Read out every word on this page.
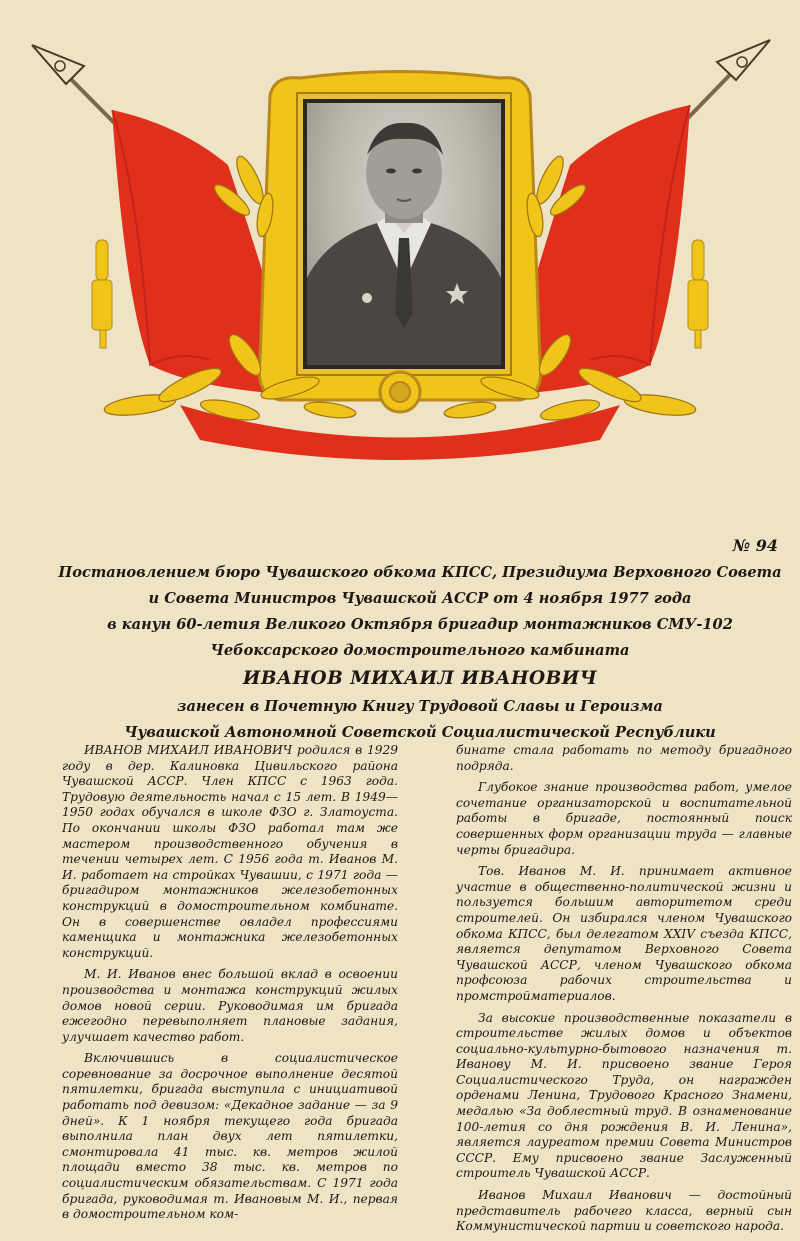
№ 94
Постановлением бюро Чувашского обкома КПСС, Президиума Верховного Совета
и Совета Министров Чувашской АССР от 4 ноября 1977 года
в канун 60-летия Великого Октября бригадир монтажников СМУ-102
Чебоксарского домостроительного камбината
ИВАНОВ МИХАИЛ ИВАНОВИЧ
занесен в Почетную Книгу Трудовой Славы и Героизма
Чувашской Автономной Советской Социалистической Республики

ИВАНОВ МИХАИЛ ИВАНОВИЧ родился в 1929 году в дер. Калиновка Цивильского района Чувашской АССР. Член КПСС с 1963 года. Трудовую деятельность начал с 15 лет. В 1949—1950 годах обучался в школе ФЗО г. Златоуста. По окончании школы ФЗО работал там же мастером производственного обучения в течении четырех лет. С 1956 года т. Иванов М. И. работает на стройках Чувашии, с 1971 года — бригадиром монтажников железобетонных конструкций в домостроительном комбинате. Он в совершенстве овладел профессиями каменщика и монтажника железобетонных конструкций.

М. И. Иванов внес большой вклад в освоении производства и монтажа конструкций жилых домов новой серии. Руководимая им бригада ежегодно перевыполняет плановые задания, улучшает качество работ.

Включившись в социалистическое соревнование за досрочное выполнение десятой пятилетки, бригада выступила с инициативой работать под девизом: «Декадное задание — за 9 дней». К 1 ноября текущего года бригада выполнила план двух лет пятилетки, смонтировала 41 тыс. кв. метров жилой площади вместо 38 тыс. кв. метров по социалистическим обязательствам. С 1971 года бригада, руководимая т. Ивановым М. И., первая в домостроительном ком-

бинате стала работать по методу бригадного подряда.

Глубокое знание производства работ, умелое сочетание организаторской и воспитательной работы в бригаде, постоянный поиск совершенных форм организации труда — главные черты бригадира.

Тов. Иванов М. И. принимает активное участие в общественно-политической жизни и пользуется большим авторитетом среди строителей. Он избирался членом Чувашского обкома КПСС, был делегатом XXIV съезда КПСС, является депутатом Верховного Совета Чувашской АССР, членом Чувашского обкома профсоюза рабочих строительства и промстройматериалов.

За высокие производственные показатели в строительстве жилых домов и объектов социально-культурно-бытового назначения т. Иванову М. И. присвоено звание Героя Социалистического Труда, он награжден орденами Ленина, Трудового Красного Знамени, медалью «За доблестный труд. В ознаменование 100-летия со дня рождения В. И. Ленина», является лауреатом премии Совета Министров СССР. Ему присвоено звание Заслуженный строитель Чувашской АССР.

Иванов Михаил Иванович — достойный представитель рабочего класса, верный сын Коммунистической партии и советского народа.
